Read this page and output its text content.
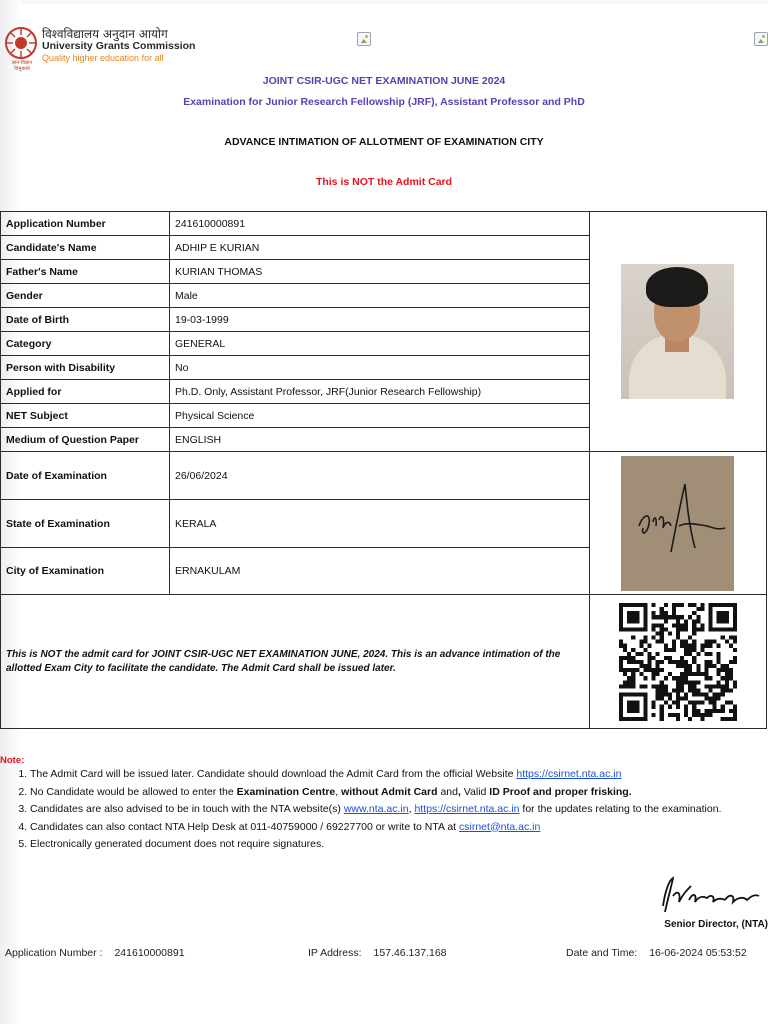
ज्ञान-विज्ञान विमुक्तये
विश्वविद्यालय अनुदान आयोग
University Grants Commission
Quality higher education for all
JOINT CSIR-UGC NET EXAMINATION JUNE 2024
Examination for Junior Research Fellowship (JRF), Assistant Professor and PhD
ADVANCE INTIMATION OF ALLOTMENT OF EXAMINATION CITY
This is NOT the Admit Card
Application Number	241610000891	

Candidate's Name	ADHIP E KURIAN	
Father's Name	KURIAN THOMAS	
Gender	Male	
Date of Birth	19-03-1999	
Category	GENERAL	
Person with Disability	No	
Applied for	Ph.D. Only, Assistant Professor, JRF(Junior Research Fellowship)	
NET Subject	Physical Science	
Medium of Question Paper	ENGLISH	
Date of Examination	26/06/2024	

State of Examination	KERALA	
City of Examination	ERNAKULAM	
This is NOT the admit card for JOINT CSIR-UGC NET EXAMINATION JUNE, 2024. This is an advance intimation of the allotted Exam City to facilitate the candidate. The Admit Card shall be issued later.	
Note:
1. The Admit Card will be issued later. Candidate should download the Admit Card from the official Website https://csirnet.nta.ac.in
2. No Candidate would be allowed to enter the Examination Centre, without Admit Card and, Valid ID Proof and proper frisking.
3. Candidates are also advised to be in touch with the NTA website(s) www.nta.ac.in, https://csirnet.nta.ac.in for the updates relating to the examination.
4. Candidates can also contact NTA Help Desk at 011-40759000 / 69227700 or write to NTA at csirnet@nta.ac.in
5. Electronically generated document does not require signatures.
Senior Director, (NTA)
Application Number : 241610000891	IP Address: 157.46.137.168	Date and Time: 16-06-2024 05:53:52
